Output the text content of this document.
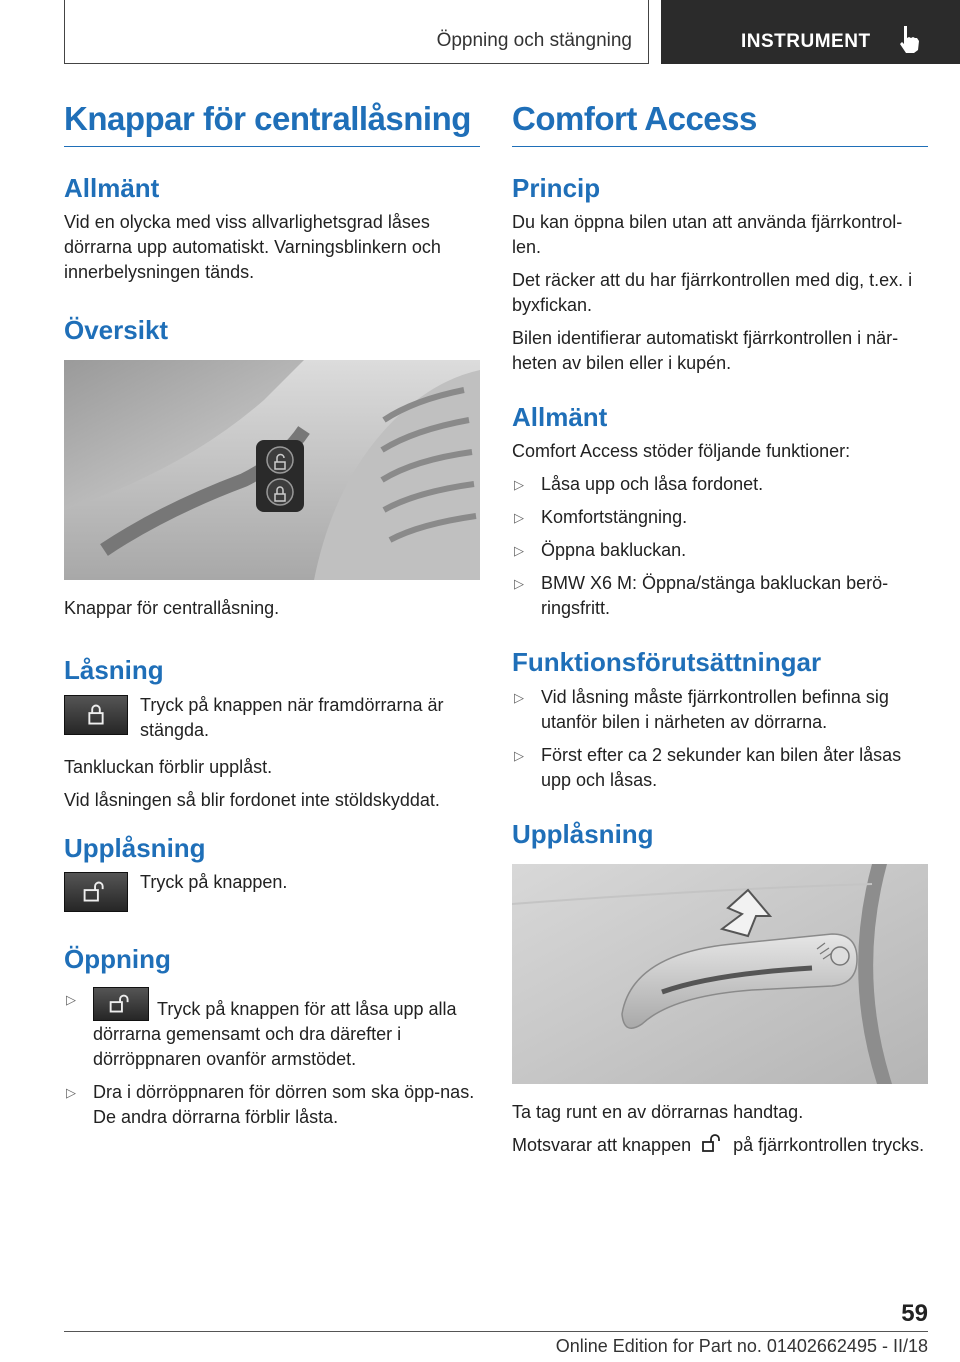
Öppning och stängning	INSTRUMENT
Knappar för centrallåsning
Allmänt

Vid en olycka med viss allvarlighetsgrad låses dörrarna upp automatiskt. Varningsblinkern och innerbelysningen tänds.

Översikt

Knappar för centrallåsning.

Låsning
Tryck på knappen när framdörrarna är stängda.

Tankluckan förblir upplåst.

Vid låsningen så blir fordonet inte stöldskyddat.

Upplåsning
Tryck på knappen.
Öppning
▷	Tryck på knappen för att låsa upp alla dörrarna gemensamt och dra därefter i dörröppnaren ovanför armstödet.
▷ Dra i dörröppnaren för dörren som ska öpp-nas. De andra dörrarna förblir låsta.
Comfort Access
Princip

Du kan öppna bilen utan att använda fjärrkontrol-len.

Det räcker att du har fjärrkontrollen med dig, t.ex. i byxfickan.

Bilen identifierar automatiskt fjärrkontrollen i när-heten av bilen eller i kupén.

Allmänt

Comfort Access stöder följande funktioner:

▷ Låsa upp och låsa fordonet.
▷ Komfortstängning.
▷ Öppna bakluckan.
▷ BMW X6 M: Öppna/stänga bakluckan berö-ringsfritt.
Funktionsförutsättningar
▷ Vid låsning måste fjärrkontrollen befinna sig utanför bilen i närheten av dörrarna.
▷ Först efter ca 2 sekunder kan bilen åter låsas upp och låsas.
Upplåsning

Ta tag runt en av dörrarnas handtag.

Motsvarar att knappen på fjärrkontrollen trycks.

59
Online Edition for Part no. 01402662495 - II/18
